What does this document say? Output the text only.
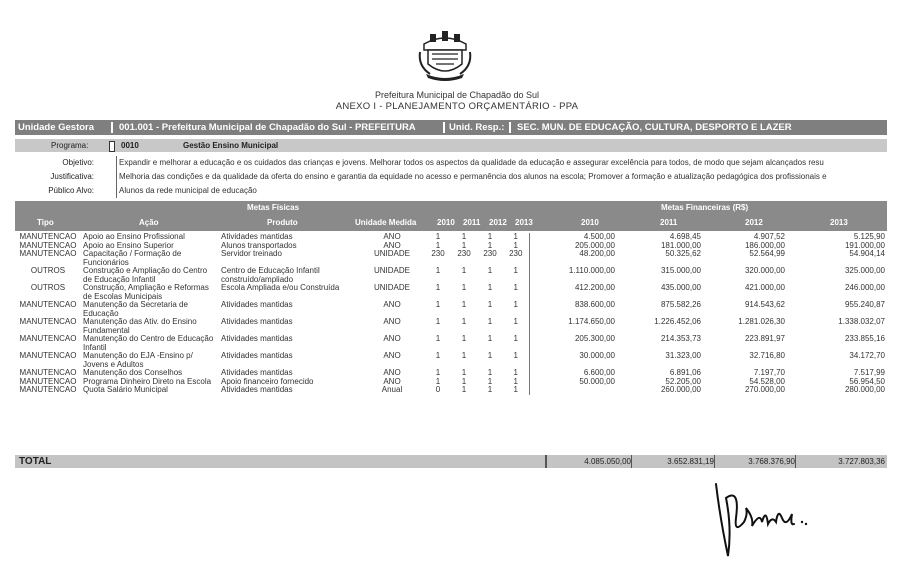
Prefeitura Municipal de Chapadão do Sul
ANEXO I - PLANEJAMENTO ORÇAMENTÁRIO - PPA
Unidade Gestora	001.001 - Prefeitura Municipal de Chapadão do Sul - PREFEITURA	Unid. Resp.: SEC. MUN. DE EDUCAÇÃO, CULTURA, DESPORTO E LAZER
Programa:	0010	Gestão Ensino Municipal
Objetivo:	Expandir e melhorar a educação e os cuidados das crianças e jovens. Melhorar todos os aspectos da qualidade da educação e assegurar excelência para todos, de modo que sejam alcançados resu
Justificativa:	Melhoria das condições e da qualidade da oferta do ensino e garantia da equidade no acesso e permanência dos alunos na escola; Promover a formação e atualização pedagógica dos profissionais e
Público Alvo:	Alunos da rede municipal de educação
Metas Físicas	Metas Financeiras (R$)
Tipo	Ação	Produto	Unidade Medida	2010 2011 2012 2013	2010	2011	2012	2013
MANUTENCAO	Apoio ao Ensino Profissional	Atividades mantidas	ANO	1	1	1	1	4.500,00	4.698,45	4.907,52	5.125,90
MANUTENCAO	Apoio ao Ensino Superior	Alunos transportados	ANO	1	1	1	1	205.000,00	181.000,00	186.000,00	191.000,00
MANUTENCAO	Capacitação / Formação de Funcionários	Servidor treinado	UNIDADE	230	230	230	230	48.200,00	50.325,62	52.564,99	54.904,14
OUTROS	Construção e Ampliação do Centro de Educação Infantil	Centro de Educação Infantil construído/ampliado	UNIDADE	1	1	1	1	1.110.000,00	315.000,00	320.000,00	325.000,00
OUTROS	Construção, Ampliação e Reformas de Escolas Municipais	Escola Ampliada e/ou Construída	UNIDADE	1	1	1	1	412.200,00	435.000,00	421.000,00	246.000,00
MANUTENCAO	Manutenção da Secretaria de Educação	Atividades mantidas	ANO	1	1	1	1	838.600,00	875.582,26	914.543,62	955.240,87
MANUTENCAO	Manutenção das Ativ. do Ensino Fundamental	Atividades mantidas	ANO	1	1	1	1	1.174.650,00	1.226.452,06	1.281.026,30	1.338.032,07
MANUTENCAO	Manutenção do Centro de Educação Infantil	Atividades mantidas	ANO	1	1	1	1	205.300,00	214.353,73	223.891,97	233.855,16
MANUTENCAO	Manutenção do EJA -Ensino p/ Jovens e Adultos	Atividades mantidas	ANO	1	1	1	1	30.000,00	31.323,00	32.716,80	34.172,70
MANUTENCAO	Manutenção dos Conselhos	Atividades mantidas	ANO	1	1	1	1	6.600,00	6.891,06	7.197,70	7.517,99
MANUTENCAO	Programa Dinheiro Direto na Escola	Apoio financeiro fornecido	ANO	1	1	1	1	50.000,00	52.205,00	54.528,00	56.954,50
MANUTENCAO	Quota Salário Municipal	Atividades mantidas	Anual	0	1	1	1		260.000,00	270.000,00	280.000,00
TOTAL	4.085.050,00	3.652.831,19	3.768.376,90	3.727.803,36
